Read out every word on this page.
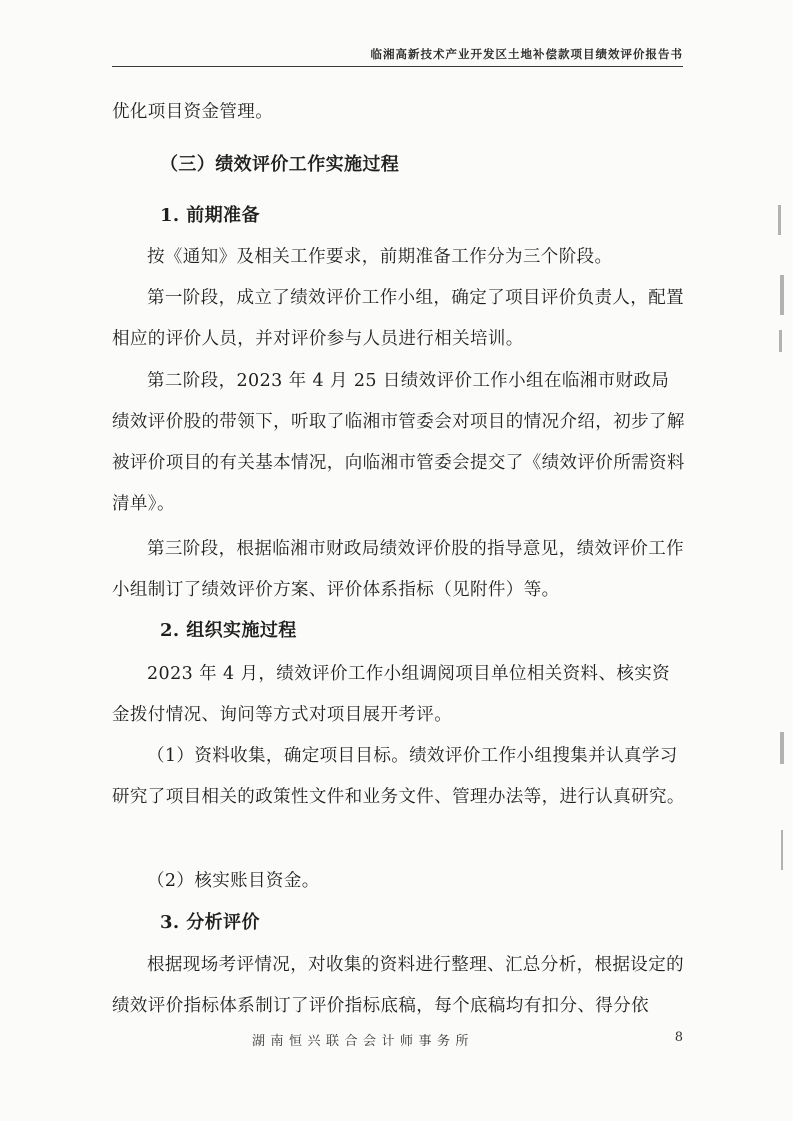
临湘高新技术产业开发区土地补偿款项目绩效评价报告书

优化项目资金管理。

（三）绩效评价工作实施过程
1. 前期准备

按《通知》及相关工作要求，前期准备工作分为三个阶段。

第一阶段，成立了绩效评价工作小组，确定了项目评价负责人，配置相应的评价人员，并对评价参与人员进行相关培训。

第二阶段，2023 年 4 月 25 日绩效评价工作小组在临湘市财政局绩效评价股的带领下，听取了临湘市管委会对项目的情况介绍，初步了解被评价项目的有关基本情况，向临湘市管委会提交了《绩效评价所需资料清单》。

第三阶段，根据临湘市财政局绩效评价股的指导意见，绩效评价工作小组制订了绩效评价方案、评价体系指标（见附件）等。

2. 组织实施过程

2023 年 4 月，绩效评价工作小组调阅项目单位相关资料、核实资金拨付情况、询问等方式对项目展开考评。

（1）资料收集，确定项目目标。绩效评价工作小组搜集并认真学习研究了项目相关的政策性文件和业务文件、管理办法等，进行认真研究。

（2）核实账目资金。

3. 分析评价

根据现场考评情况，对收集的资料进行整理、汇总分析，根据设定的绩效评价指标体系制订了评价指标底稿，每个底稿均有扣分、得分依

湖南恒兴联合会计师事务所	8
